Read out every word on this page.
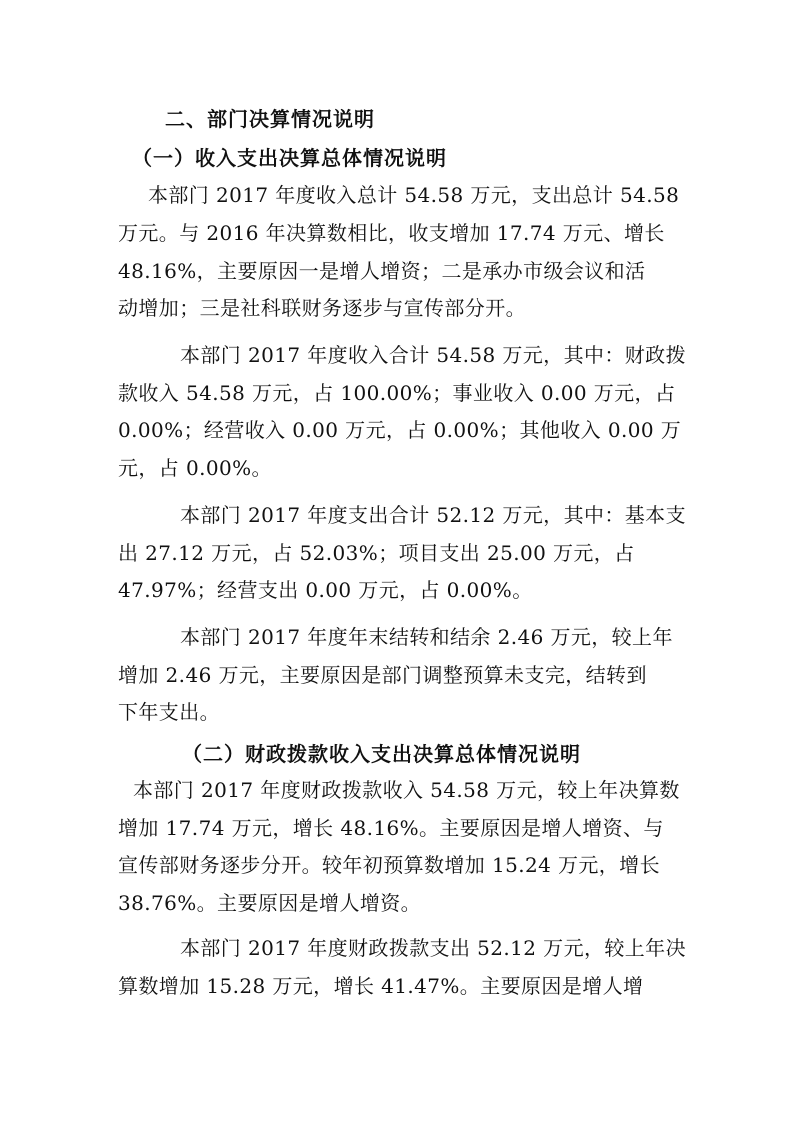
二、部门决算情况说明
（一）收入支出决算总体情况说明
本部门 2017 年度收入总计 54.58 万元，支出总计 54.58
万元。与 2016 年决算数相比，收支增加 17.74 万元、增长
48.16%，主要原因一是增人增资；二是承办市级会议和活
动增加；三是社科联财务逐步与宣传部分开。
本部门 2017 年度收入合计 54.58 万元，其中：财政拨
款收入 54.58 万元，占 100.00%；事业收入 0.00 万元，占
0.00%；经营收入 0.00 万元，占 0.00%；其他收入 0.00 万
元，占 0.00%。
本部门 2017 年度支出合计 52.12 万元，其中：基本支
出 27.12 万元，占 52.03%；项目支出 25.00 万元，占
47.97%；经营支出 0.00 万元，占 0.00%。
本部门 2017 年度年末结转和结余 2.46 万元，较上年
增加 2.46 万元，主要原因是部门调整预算未支完，结转到
下年支出。
（二）财政拨款收入支出决算总体情况说明
本部门 2017 年度财政拨款收入 54.58 万元，较上年决算数
增加 17.74 万元，增长 48.16%。主要原因是增人增资、与
宣传部财务逐步分开。较年初预算数增加 15.24 万元，增长
38.76%。主要原因是增人增资。
本部门 2017 年度财政拨款支出 52.12 万元，较上年决
算数增加 15.28 万元，增长 41.47%。主要原因是增人增
